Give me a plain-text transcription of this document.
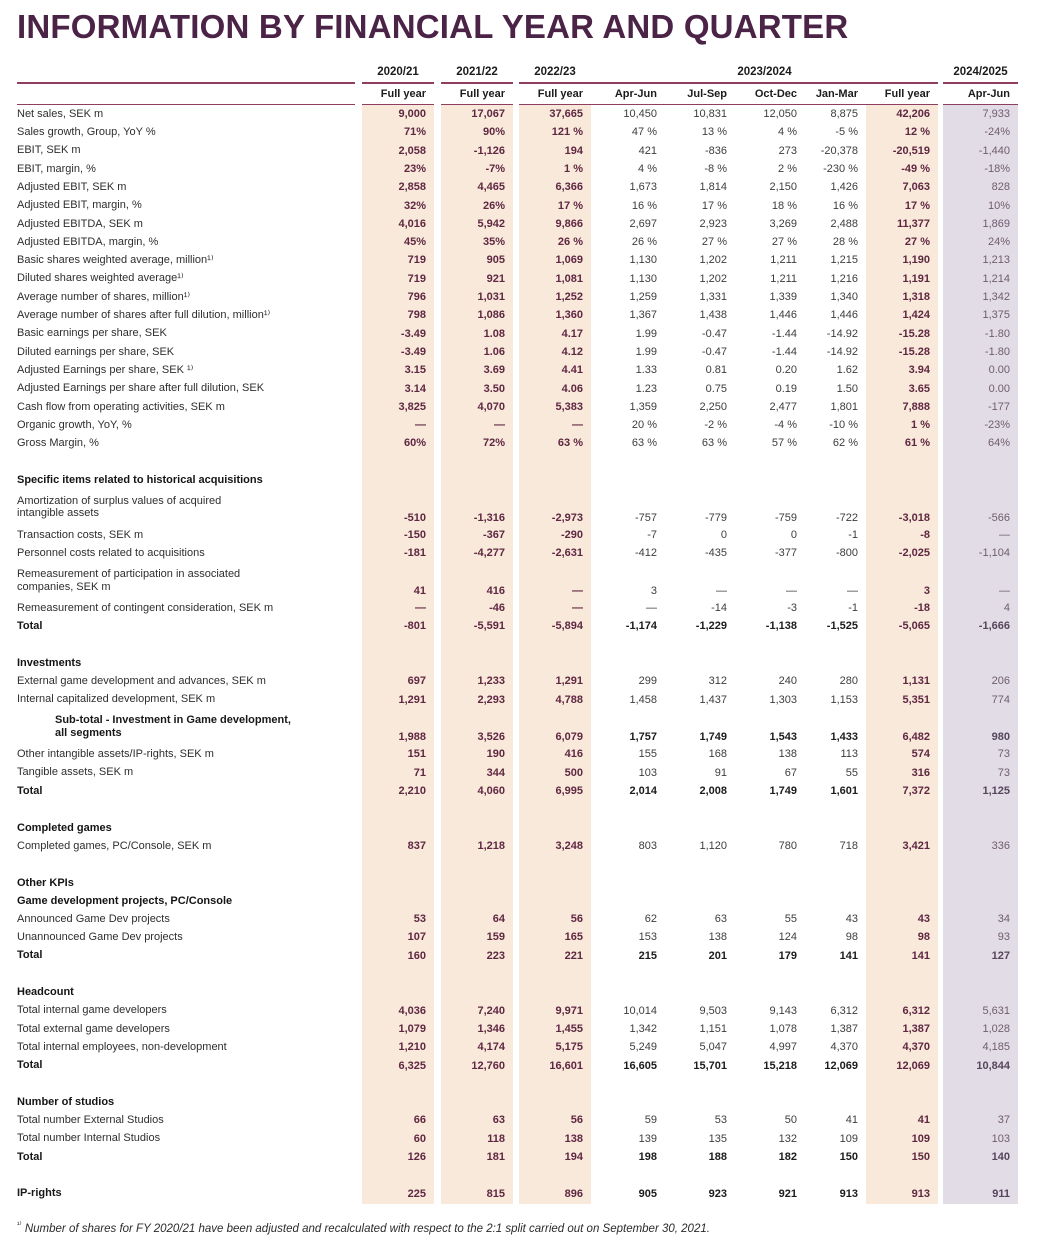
INFORMATION BY FINANCIAL YEAR AND QUARTER
2020/21	2021/22	2022/23	2023/2024	2024/2025
Full year	Full year	Full year	Apr-Jun	Jul-Sep	Oct-Dec	Jan-Mar	Full year	Apr-Jun
Net sales, SEK m	9,000	17,067	37,665	10,450	10,831	12,050	8,875	42,206	7,933
Sales growth, Group, YoY %	71%	90%	121 %	47 %	13 %	4 %	-5 %	12 %	-24%
EBIT, SEK m	2,058	-1,126	194	421	-836	273	-20,378	-20,519	-1,440
EBIT, margin, %	23%	-7%	1 %	4 %	-8 %	2 %	-230 %	-49 %	-18%
Adjusted EBIT, SEK m	2,858	4,465	6,366	1,673	1,814	2,150	1,426	7,063	828
Adjusted EBIT, margin, %	32%	26%	17 %	16 %	17 %	18 %	16 %	17 %	10%
Adjusted EBITDA, SEK m	4,016	5,942	9,866	2,697	2,923	3,269	2,488	11,377	1,869
Adjusted EBITDA, margin, %	45%	35%	26 %	26 %	27 %	27 %	28 %	27 %	24%
Basic shares weighted average, million¹⁾	719	905	1,069	1,130	1,202	1,211	1,215	1,190	1,213
Diluted shares weighted average¹⁾	719	921	1,081	1,130	1,202	1,211	1,216	1,191	1,214
Average number of shares, million¹⁾	796	1,031	1,252	1,259	1,331	1,339	1,340	1,318	1,342
Average number of shares after full dilution, million¹⁾	798	1,086	1,360	1,367	1,438	1,446	1,446	1,424	1,375
Basic earnings per share, SEK	-3.49	1.08	4.17	1.99	-0.47	-1.44	-14.92	-15.28	-1.80
Diluted earnings per share, SEK	-3.49	1.06	4.12	1.99	-0.47	-1.44	-14.92	-15.28	-1.80
Adjusted Earnings per share, SEK ¹⁾	3.15	3.69	4.41	1.33	0.81	0.20	1.62	3.94	0.00
Adjusted Earnings per share after full dilution, SEK	3.14	3.50	4.06	1.23	0.75	0.19	1.50	3.65	0.00
Cash flow from operating activities, SEK m	3,825	4,070	5,383	1,359	2,250	2,477	1,801	7,888	-177
Organic growth, YoY, %	—	—	—	20 %	-2 %	-4 %	-10 %	1 %	-23%
Gross Margin, %	60%	72%	63 %	63 %	63 %	57 %	62 %	61 %	64%
Specific items related to historical acquisitions
Amortization of surplus values of acquired
intangible assets	-510	-1,316	-2,973	-757	-779	-759	-722	-3,018	-566
Transaction costs, SEK m	-150	-367	-290	-7	0	0	-1	-8	—
Personnel costs related to acquisitions	-181	-4,277	-2,631	-412	-435	-377	-800	-2,025	-1,104
Remeasurement of participation in associated
companies, SEK m	41	416	—	3	—	—	—	3	—
Remeasurement of contingent consideration, SEK m	—	-46	—	—	-14	-3	-1	-18	4
Total	-801	-5,591	-5,894	-1,174	-1,229	-1,138	-1,525	-5,065	-1,666
Investments
External game development and advances, SEK m	697	1,233	1,291	299	312	240	280	1,131	206
Internal capitalized development, SEK m	1,291	2,293	4,788	1,458	1,437	1,303	1,153	5,351	774
Sub-total - Investment in Game development,
all segments	1,988	3,526	6,079	1,757	1,749	1,543	1,433	6,482	980
Other intangible assets/IP-rights, SEK m	151	190	416	155	168	138	113	574	73
Tangible assets, SEK m	71	344	500	103	91	67	55	316	73
Total	2,210	4,060	6,995	2,014	2,008	1,749	1,601	7,372	1,125
Completed games
Completed games, PC/Console, SEK m	837	1,218	3,248	803	1,120	780	718	3,421	336
Other KPIs
Game development projects, PC/Console
Announced Game Dev projects	53	64	56	62	63	55	43	43	34
Unannounced Game Dev projects	107	159	165	153	138	124	98	98	93
Total	160	223	221	215	201	179	141	141	127
Headcount
Total internal game developers	4,036	7,240	9,971	10,014	9,503	9,143	6,312	6,312	5,631
Total external game developers	1,079	1,346	1,455	1,342	1,151	1,078	1,387	1,387	1,028
Total internal employees, non-development	1,210	4,174	5,175	5,249	5,047	4,997	4,370	4,370	4,185
Total	6,325	12,760	16,601	16,605	15,701	15,218	12,069	12,069	10,844
Number of studios
Total number External Studios	66	63	56	59	53	50	41	41	37
Total number Internal Studios	60	118	138	139	135	132	109	109	103
Total	126	181	194	198	188	182	150	150	140
IP-rights	225	815	896	905	923	921	913	913	911

$^{^{1)}}$ Number of shares for FY 2020/21 have been adjusted and recalculated with respect to the 2:1 split carried out on September 30, 2021.
